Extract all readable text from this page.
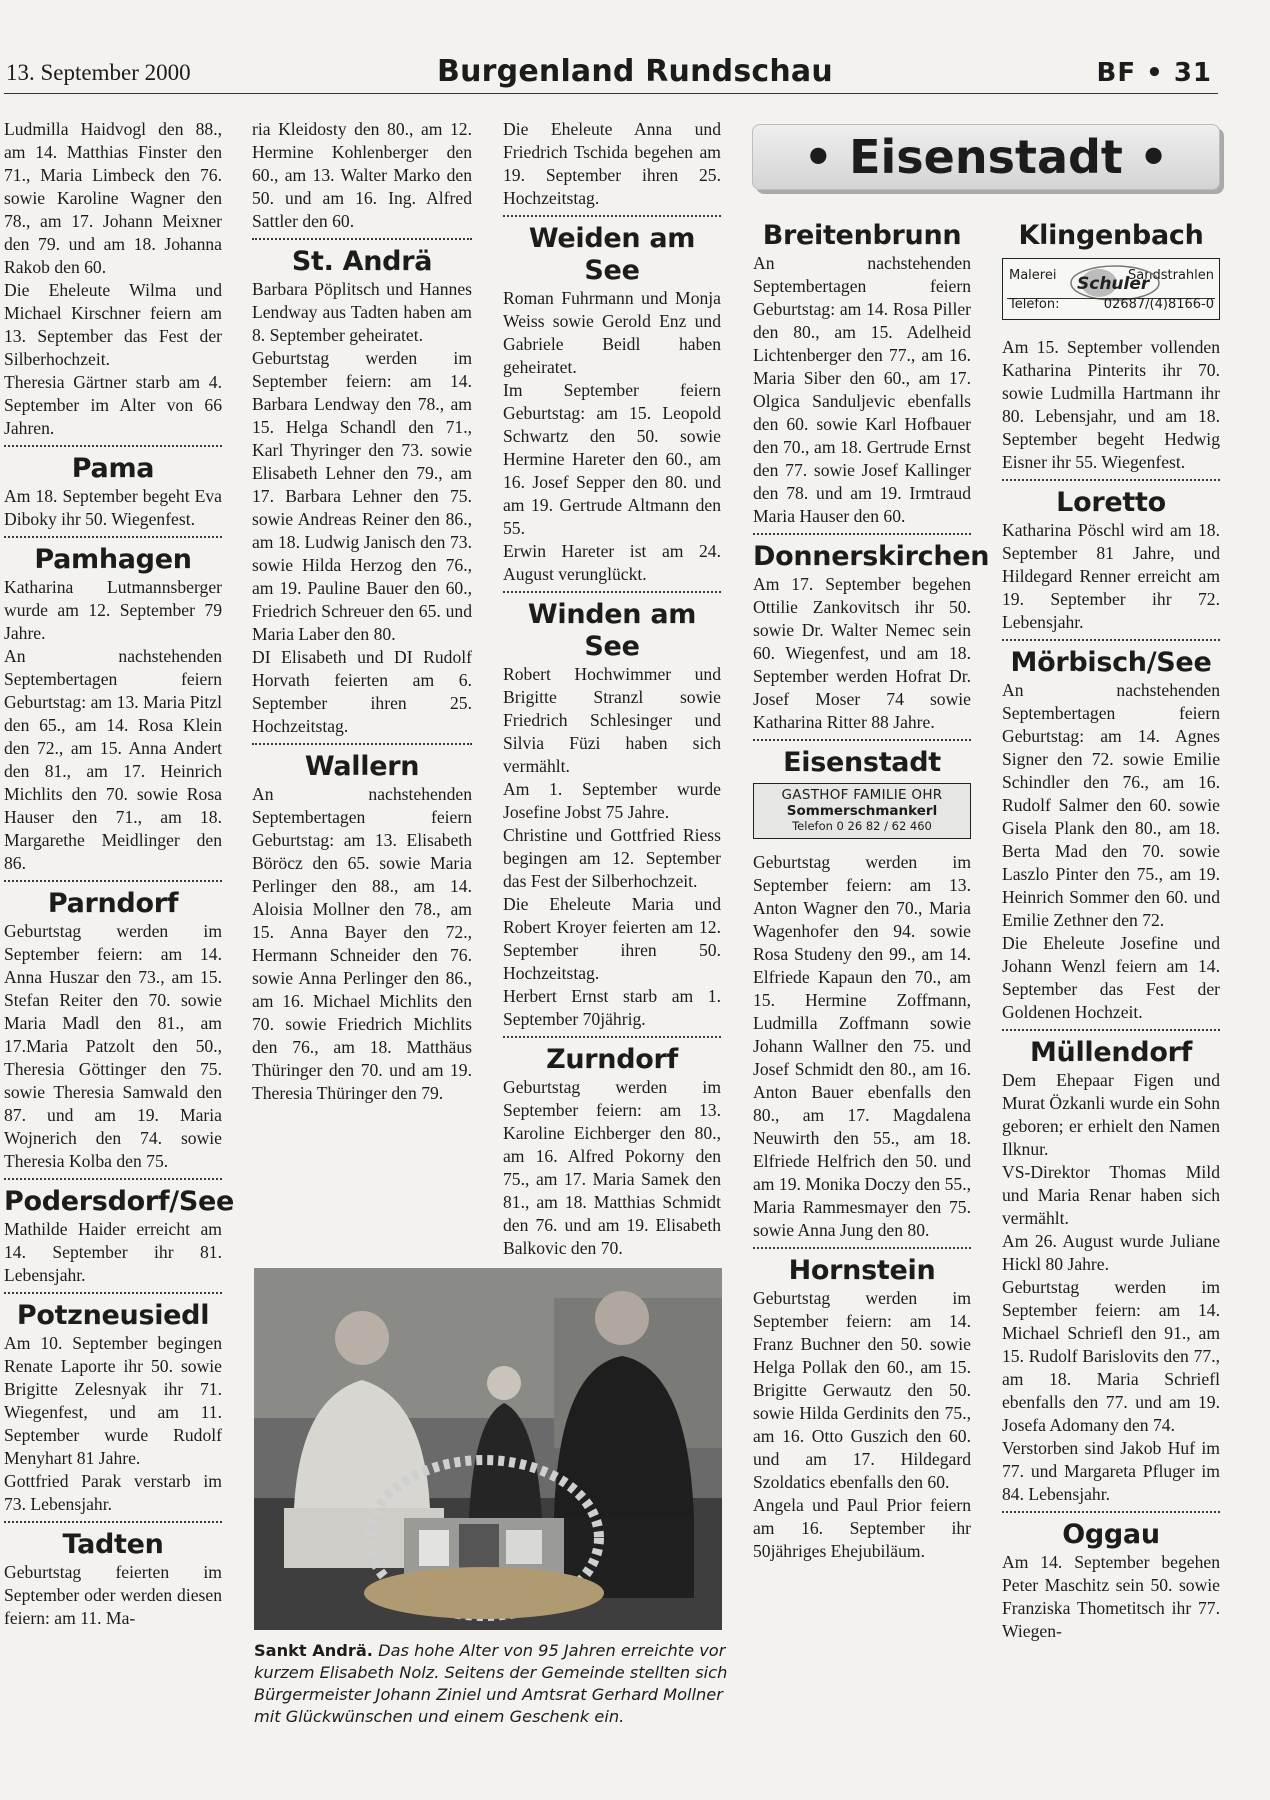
13. September 2000	Burgenland Rundschau	BF • 31

Ludmilla Haidvogl den 88., am 14. Matthias Finster den 71., Maria Limbeck den 76. sowie Karoline Wagner den 78., am 17. Johann Meixner den 79. und am 18. Johanna Rakob den 60.

Die Eheleute Wilma und Michael Kirschner feiern am 13. September das Fest der Silberhochzeit.

Theresia Gärtner starb am 4. September im Alter von 66 Jahren.

Pama

Am 18. September begeht Eva Diboky ihr 50. Wiegenfest.

Pamhagen

Katharina Lutmannsberger wurde am 12. September 79 Jahre.

An nachstehenden Septembertagen feiern Geburtstag: am 13. Maria Pitzl den 65., am 14. Rosa Klein den 72., am 15. Anna Andert den 81., am 17. Heinrich Michlits den 70. sowie Rosa Hauser den 71., am 18. Margarethe Meidlinger den 86.

Parndorf

Geburtstag werden im September feiern: am 14. Anna Huszar den 73., am 15. Stefan Reiter den 70. sowie Maria Madl den 81., am 17.Maria Patzolt den 50., Theresia Göttinger den 75. sowie Theresia Samwald den 87. und am 19. Maria Wojnerich den 74. sowie Theresia Kolba den 75.

Podersdorf/See

Mathilde Haider erreicht am 14. September ihr 81. Lebensjahr.

Potzneusiedl

Am 10. September begingen Renate Laporte ihr 50. sowie Brigitte Zelesnyak ihr 71. Wiegenfest, und am 11. September wurde Rudolf Menyhart 81 Jahre.

Gottfried Parak verstarb im 73. Lebensjahr.

Tadten

Geburtstag feierten im September oder werden diesen feiern: am 11. Ma-

ria Kleidosty den 80., am 12. Hermine Kohlenberger den 60., am 13. Walter Marko den 50. und am 16. Ing. Alfred Sattler den 60.

St. Andrä

Barbara Pöplitsch und Hannes Lendway aus Tadten haben am 8. September geheiratet.

Geburtstag werden im September feiern: am 14. Barbara Lendway den 78., am 15. Helga Schandl den 71., Karl Thyringer den 73. sowie Elisabeth Lehner den 79., am 17. Barbara Lehner den 75. sowie Andreas Reiner den 86., am 18. Ludwig Janisch den 73. sowie Hilda Herzog den 76., am 19. Pauline Bauer den 60., Friedrich Schreuer den 65. und Maria Laber den 80.

DI Elisabeth und DI Rudolf Horvath feierten am 6. September ihren 25. Hochzeitstag.

Wallern

An nachstehenden Septembertagen feiern Geburtstag: am 13. Elisabeth Böröcz den 65. sowie Maria Perlinger den 88., am 14. Aloisia Mollner den 78., am 15. Anna Bayer den 72., Hermann Schneider den 76. sowie Anna Perlinger den 86., am 16. Michael Michlits den 70. sowie Friedrich Michlits den 76., am 18. Matthäus Thüringer den 70. und am 19. Theresia Thüringer den 79.

Die Eheleute Anna und Friedrich Tschida begehen am 19. September ihren 25. Hochzeitstag.

Weiden am See

Roman Fuhrmann und Monja Weiss sowie Gerold Enz und Gabriele Beidl haben geheiratet.

Im September feiern Geburtstag: am 15. Leopold Schwartz den 50. sowie Hermine Hareter den 60., am 16. Josef Sepper den 80. und am 19. Gertrude Altmann den 55.

Erwin Hareter ist am 24. August verunglückt.

Winden am See

Robert Hochwimmer und Brigitte Stranzl sowie Friedrich Schlesinger und Silvia Füzi haben sich vermählt.

Am 1. September wurde Josefine Jobst 75 Jahre.

Christine und Gottfried Riess begingen am 12. September das Fest der Silberhochzeit.

Die Eheleute Maria und Robert Kroyer feierten am 12. September ihren 50. Hochzeitstag.

Herbert Ernst starb am 1. September 70jährig.

Zurndorf

Geburtstag werden im September feiern: am 13. Karoline Eichberger den 80., am 16. Alfred Pokorny den 75., am 17. Maria Samek den 81., am 18. Matthias Schmidt den 76. und am 19. Elisabeth Balkovic den 70.

• Eisenstadt •
Breitenbrunn

An nachstehenden Septembertagen feiern Geburtstag: am 14. Rosa Piller den 80., am 15. Adelheid Lichtenberger den 77., am 16. Maria Siber den 60., am 17. Olgica Sanduljevic ebenfalls den 60. sowie Karl Hofbauer den 70., am 18. Gertrude Ernst den 77. sowie Josef Kallinger den 78. und am 19. Irmtraud Maria Hauser den 60.

Donnerskirchen

Am 17. September begehen Ottilie Zankovitsch ihr 50. sowie Dr. Walter Nemec sein 60. Wiegenfest, und am 18. September werden Hofrat Dr. Josef Moser 74 sowie Katharina Ritter 88 Jahre.

Eisenstadt
GASTHOF FAMILIE OHR
Sommerschmankerl
Telefon 0 26 82 / 62 460

Geburtstag werden im September feiern: am 13. Anton Wagner den 70., Maria Wagenhofer den 94. sowie Rosa Studeny den 99., am 14. Elfriede Kapaun den 70., am 15. Hermine Zoffmann, Ludmilla Zoffmann sowie Johann Wallner den 75. und Josef Schmidt den 80., am 16. Anton Bauer ebenfalls den 80., am 17. Magdalena Neuwirth den 55., am 18. Elfriede Helfrich den 50. und am 19. Monika Doczy den 55., Maria Rammesmayer den 75. sowie Anna Jung den 80.

Hornstein

Geburtstag werden im September feiern: am 14. Franz Buchner den 50. sowie Helga Pollak den 60., am 15. Brigitte Gerwautz den 50. sowie Hilda Gerdinits den 75., am 16. Otto Guszich den 60. und am 17. Hildegard Szoldatics ebenfalls den 60.

Angela und Paul Prior feiern am 16. September ihr 50jähriges Ehejubiläum.

Klingenbach
Malerei	Sandstrahlen
Schuler
Telefon:	02687/(4)8166-0

Am 15. September vollenden Katharina Pinterits ihr 70. sowie Ludmilla Hartmann ihr 80. Lebensjahr, und am 18. September begeht Hedwig Eisner ihr 55. Wiegenfest.

Loretto

Katharina Pöschl wird am 18. September 81 Jahre, und Hildegard Renner erreicht am 19. September ihr 72. Lebensjahr.

Mörbisch/See

An nachstehenden Septembertagen feiern Geburtstag: am 14. Agnes Signer den 72. sowie Emilie Schindler den 76., am 16. Rudolf Salmer den 60. sowie Gisela Plank den 80., am 18. Berta Mad den 70. sowie Laszlo Pinter den 75., am 19. Heinrich Sommer den 60. und Emilie Zethner den 72.

Die Eheleute Josefine und Johann Wenzl feiern am 14. September das Fest der Goldenen Hochzeit.

Müllendorf

Dem Ehepaar Figen und Murat Özkanli wurde ein Sohn geboren; er erhielt den Namen Ilknur.

VS-Direktor Thomas Mild und Maria Renar haben sich vermählt.

Am 26. August wurde Juliane Hickl 80 Jahre.

Geburtstag werden im September feiern: am 14. Michael Schriefl den 91., am 15. Rudolf Barislovits den 77., am 18. Maria Schriefl ebenfalls den 77. und am 19. Josefa Adomany den 74.

Verstorben sind Jakob Huf im 77. und Margareta Pfluger im 84. Lebensjahr.

Oggau

Am 14. September begehen Peter Maschitz sein 50. sowie Franziska Thometitsch ihr 77. Wiegen-

Sankt Andrä. Das hohe Alter von 95 Jahren erreichte vor kurzem Elisabeth Nolz. Seitens der Gemeinde stellten sich Bürgermeister Johann Ziniel und Amtsrat Gerhard Mollner mit Glückwünschen und einem Geschenk ein.
